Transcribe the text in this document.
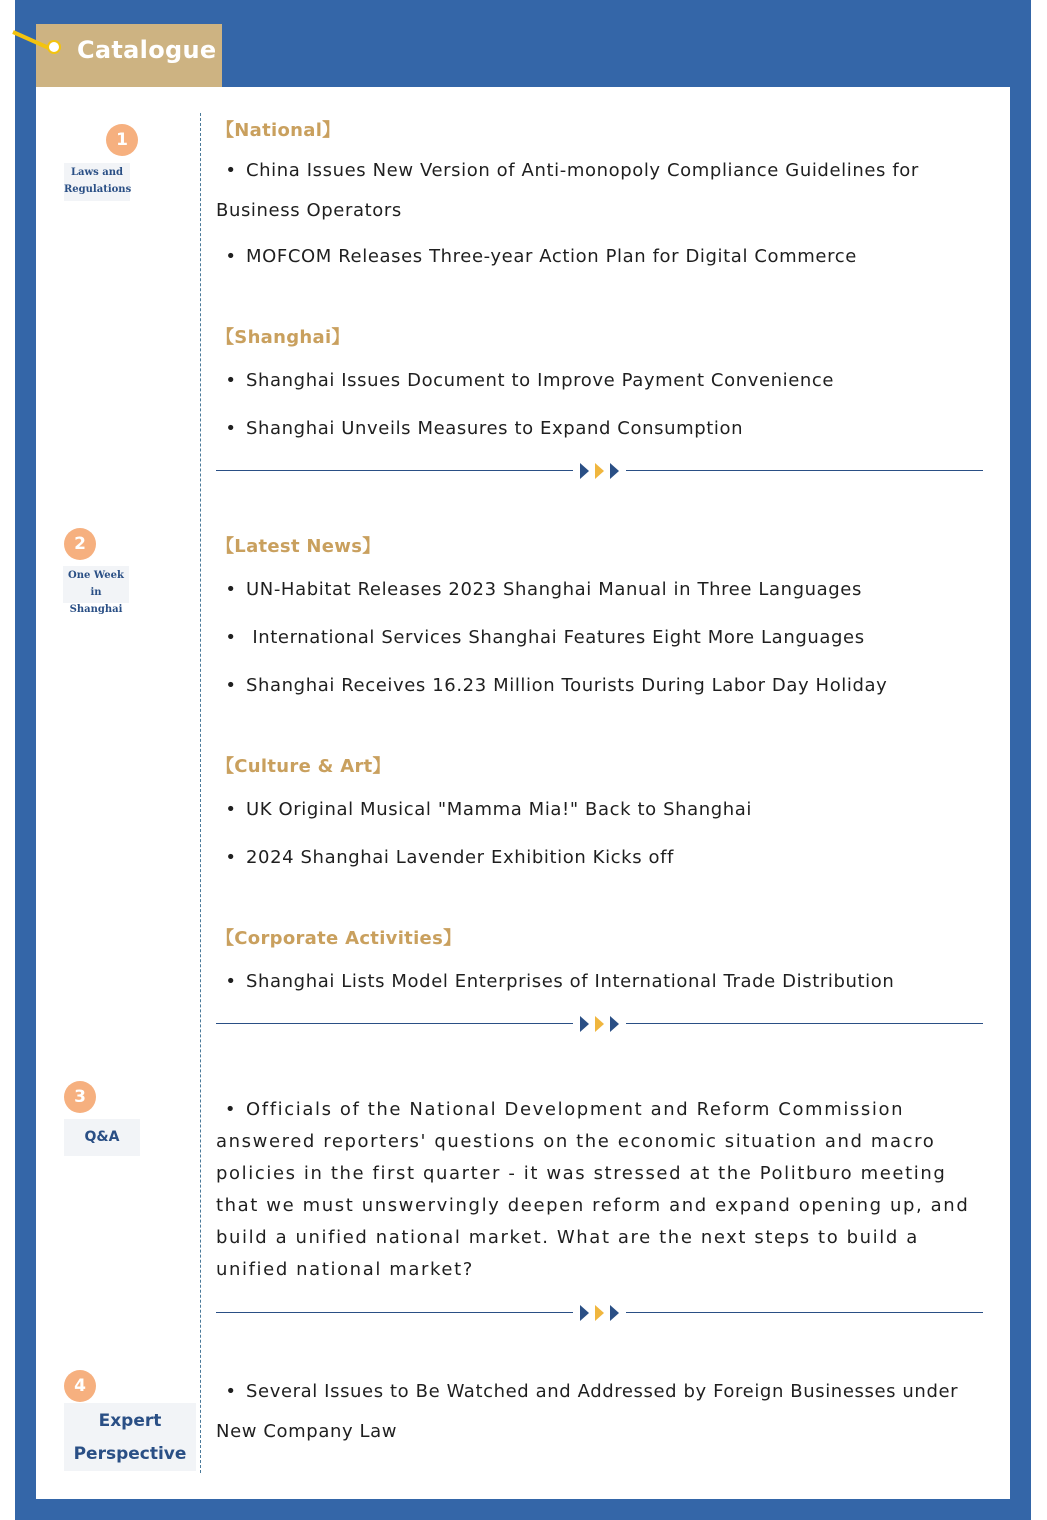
Catalogue
1
Laws and
Regulations
【National】
• China Issues New Version of Anti-monopoly Compliance Guidelines for Business Operators
• MOFCOM Releases Three-year Action Plan for Digital Commerce
【Shanghai】
• Shanghai Issues Document to Improve Payment Convenience
• Shanghai Unveils Measures to Expand Consumption
2
One Week
in Shanghai
【Latest News】
• UN-Habitat Releases 2023 Shanghai Manual in Three Languages
• International Services Shanghai Features Eight More Languages
• Shanghai Receives 16.23 Million Tourists During Labor Day Holiday
【Culture & Art】
• UK Original Musical "Mamma Mia!" Back to Shanghai
• 2024 Shanghai Lavender Exhibition Kicks off
【Corporate Activities】
• Shanghai Lists Model Enterprises of International Trade Distribution
3
Q&A
• Officials of the National Development and Reform Commission answered reporters' questions on the economic situation and macro policies in the first quarter - it was stressed at the Politburo meeting that we must unswervingly deepen reform and expand opening up, and build a unified national market. What are the next steps to build a unified national market?
4
Expert
Perspective
• Several Issues to Be Watched and Addressed by Foreign Businesses under New Company Law
